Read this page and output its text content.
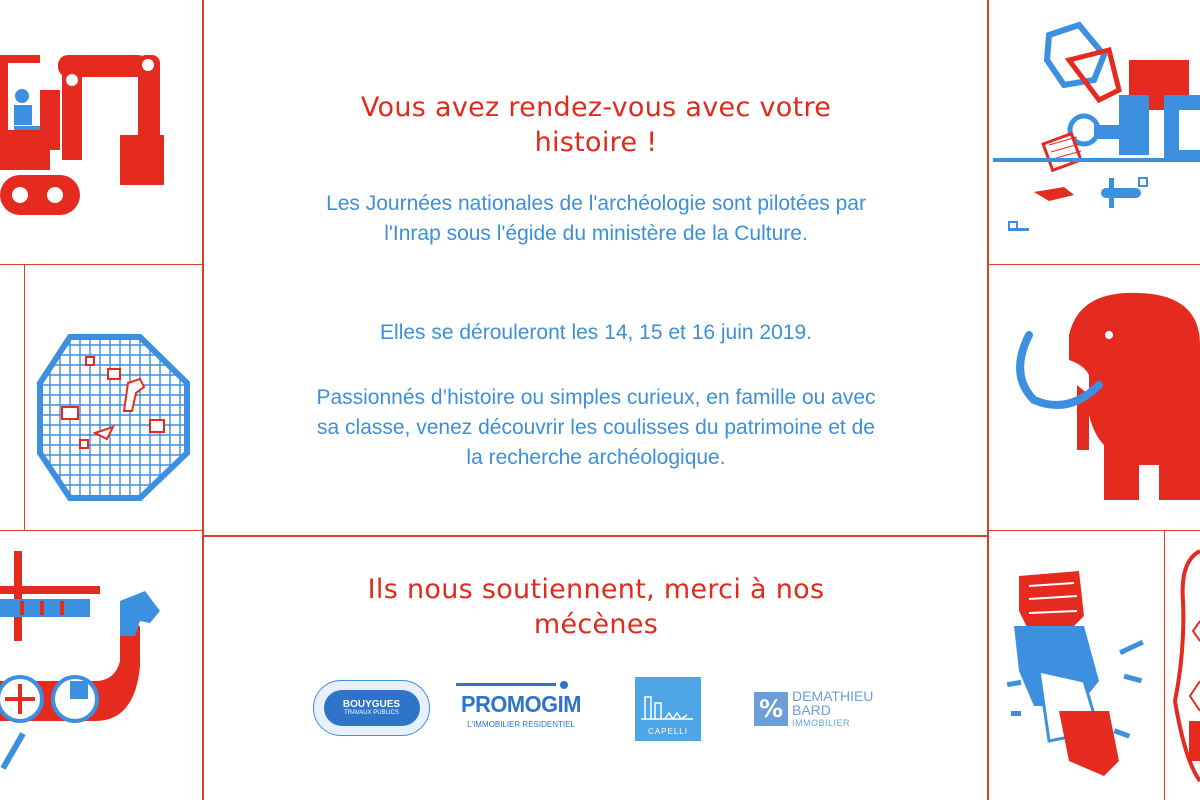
Vous avez rendez-vous avec votre histoire !
Les Journées nationales de l'archéologie sont pilotées par l'Inrap sous l'égide du ministère de la Culture.
Elles se dérouleront les 14, 15 et 16 juin 2019.
Passionnés d’histoire ou simples curieux, en famille ou avec sa classe, venez découvrir les coulisses du patrimoine et de la recherche archéologique.
Ils nous soutiennent, merci à nos mécènes
BOUYGUES
TRAVAUX PUBLICS	PROMOGIM
L'IMMOBILIER RÉSIDENTIEL
CAPELLI
% DEMATHIEU
BARD
IMMOBILIER
